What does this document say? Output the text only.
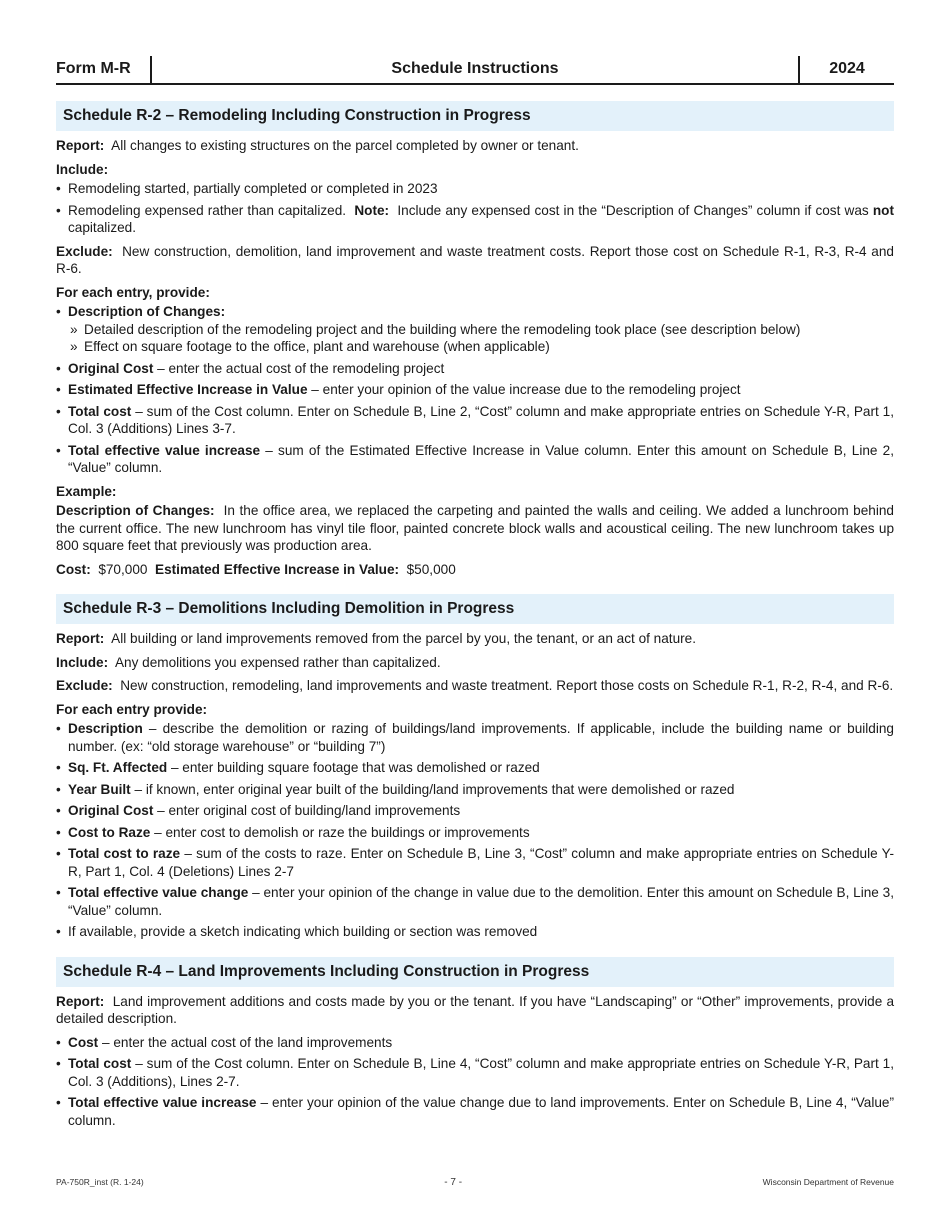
Form M-R	Schedule Instructions	2024
Schedule R-2 – Remodeling Including Construction in Progress

Report: All changes to existing structures on the parcel completed by owner or tenant.

Include:

• Remodeling started, partially completed or completed in 2023
• Remodeling expensed rather than capitalized. Note: Include any expensed cost in the “Description of Changes” column if cost was not capitalized.

Exclude: New construction, demolition, land improvement and waste treatment costs. Report those cost on Schedule R-1, R-3, R-4 and R-6.

For each entry, provide:

• Description of Changes:
» Detailed description of the remodeling project and the building where the remodeling took place (see description below)
» Effect on square footage to the office, plant and warehouse (when applicable)
• Original Cost – enter the actual cost of the remodeling project
• Estimated Effective Increase in Value – enter your opinion of the value increase due to the remodeling project
• Total cost – sum of the Cost column. Enter on Schedule B, Line 2, “Cost” column and make appropriate entries on Schedule Y-R, Part 1, Col. 3 (Additions) Lines 3-7.
• Total effective value increase – sum of the Estimated Effective Increase in Value column. Enter this amount on Schedule B, Line 2, “Value” column.

Example:

Description of Changes: In the office area, we replaced the carpeting and painted the walls and ceiling. We added a lunchroom behind the current office. The new lunchroom has vinyl tile floor, painted concrete block walls and acoustical ceiling. The new lunchroom takes up 800 square feet that previously was production area.

Cost: $70,000 Estimated Effective Increase in Value: $50,000

Schedule R-3 – Demolitions Including Demolition in Progress

Report: All building or land improvements removed from the parcel by you, the tenant, or an act of nature.

Include: Any demolitions you expensed rather than capitalized.

Exclude: New construction, remodeling, land improvements and waste treatment. Report those costs on Schedule R-1, R-2, R-4, and R-6.

For each entry provide:

• Description – describe the demolition or razing of buildings/land improvements. If applicable, include the building name or building number. (ex: “old storage warehouse” or “building 7”)
• Sq. Ft. Affected – enter building square footage that was demolished or razed
• Year Built – if known, enter original year built of the building/land improvements that were demolished or razed
• Original Cost – enter original cost of building/land improvements
• Cost to Raze – enter cost to demolish or raze the buildings or improvements
• Total cost to raze – sum of the costs to raze. Enter on Schedule B, Line 3, “Cost” column and make appropriate entries on Schedule Y-R, Part 1, Col. 4 (Deletions) Lines 2-7
• Total effective value change – enter your opinion of the change in value due to the demolition. Enter this amount on Schedule B, Line 3, “Value” column.
• If available, provide a sketch indicating which building or section was removed
Schedule R-4 – Land Improvements Including Construction in Progress

Report: Land improvement additions and costs made by you or the tenant. If you have “Landscaping” or “Other” improvements, provide a detailed description.

• Cost – enter the actual cost of the land improvements
• Total cost – sum of the Cost column. Enter on Schedule B, Line 4, “Cost” column and make appropriate entries on Schedule Y-R, Part 1, Col. 3 (Additions), Lines 2-7.
• Total effective value increase – enter your opinion of the value change due to land improvements. Enter on Schedule B, Line 4, “Value” column.
PA-750R_inst (R. 1-24)	- 7 -	Wisconsin Department of Revenue
